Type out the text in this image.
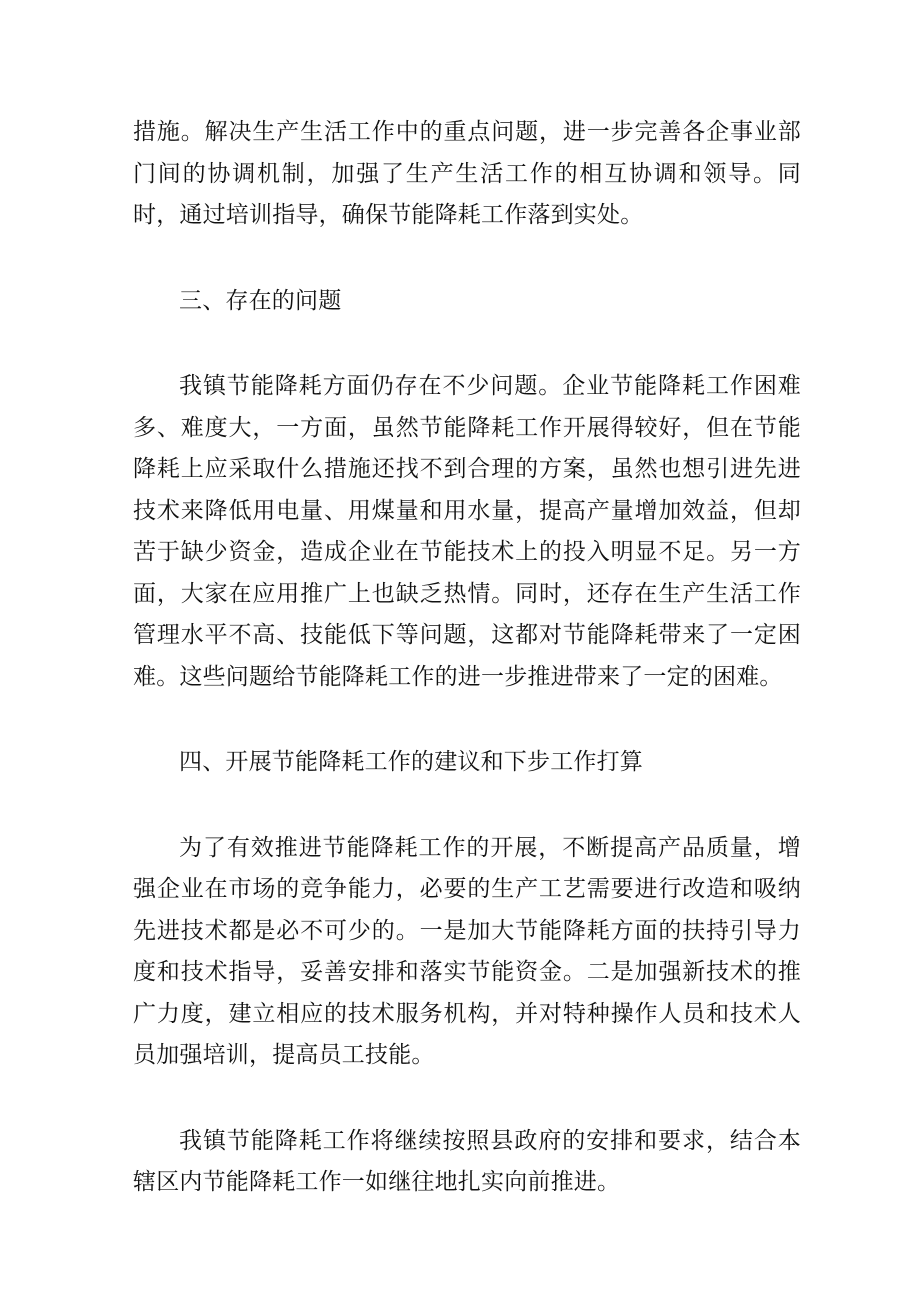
措施。解决生产生活工作中的重点问题，进一步完善各企事业部门间的协调机制，加强了生产生活工作的相互协调和领导。同时，通过培训指导，确保节能降耗工作落到实处。

三、存在的问题

我镇节能降耗方面仍存在不少问题。企业节能降耗工作困难多、难度大，一方面，虽然节能降耗工作开展得较好，但在节能降耗上应采取什么措施还找不到合理的方案，虽然也想引进先进技术来降低用电量、用煤量和用水量，提高产量增加效益，但却苦于缺少资金，造成企业在节能技术上的投入明显不足。另一方面，大家在应用推广上也缺乏热情。同时，还存在生产生活工作管理水平不高、技能低下等问题，这都对节能降耗带来了一定困难。这些问题给节能降耗工作的进一步推进带来了一定的困难。

四、开展节能降耗工作的建议和下步工作打算

为了有效推进节能降耗工作的开展，不断提高产品质量，增强企业在市场的竞争能力，必要的生产工艺需要进行改造和吸纳先进技术都是必不可少的。一是加大节能降耗方面的扶持引导力度和技术指导，妥善安排和落实节能资金。二是加强新技术的推广力度，建立相应的技术服务机构，并对特种操作人员和技术人员加强培训，提高员工技能。

我镇节能降耗工作将继续按照县政府的安排和要求，结合本辖区内节能降耗工作一如继往地扎实向前推进。
